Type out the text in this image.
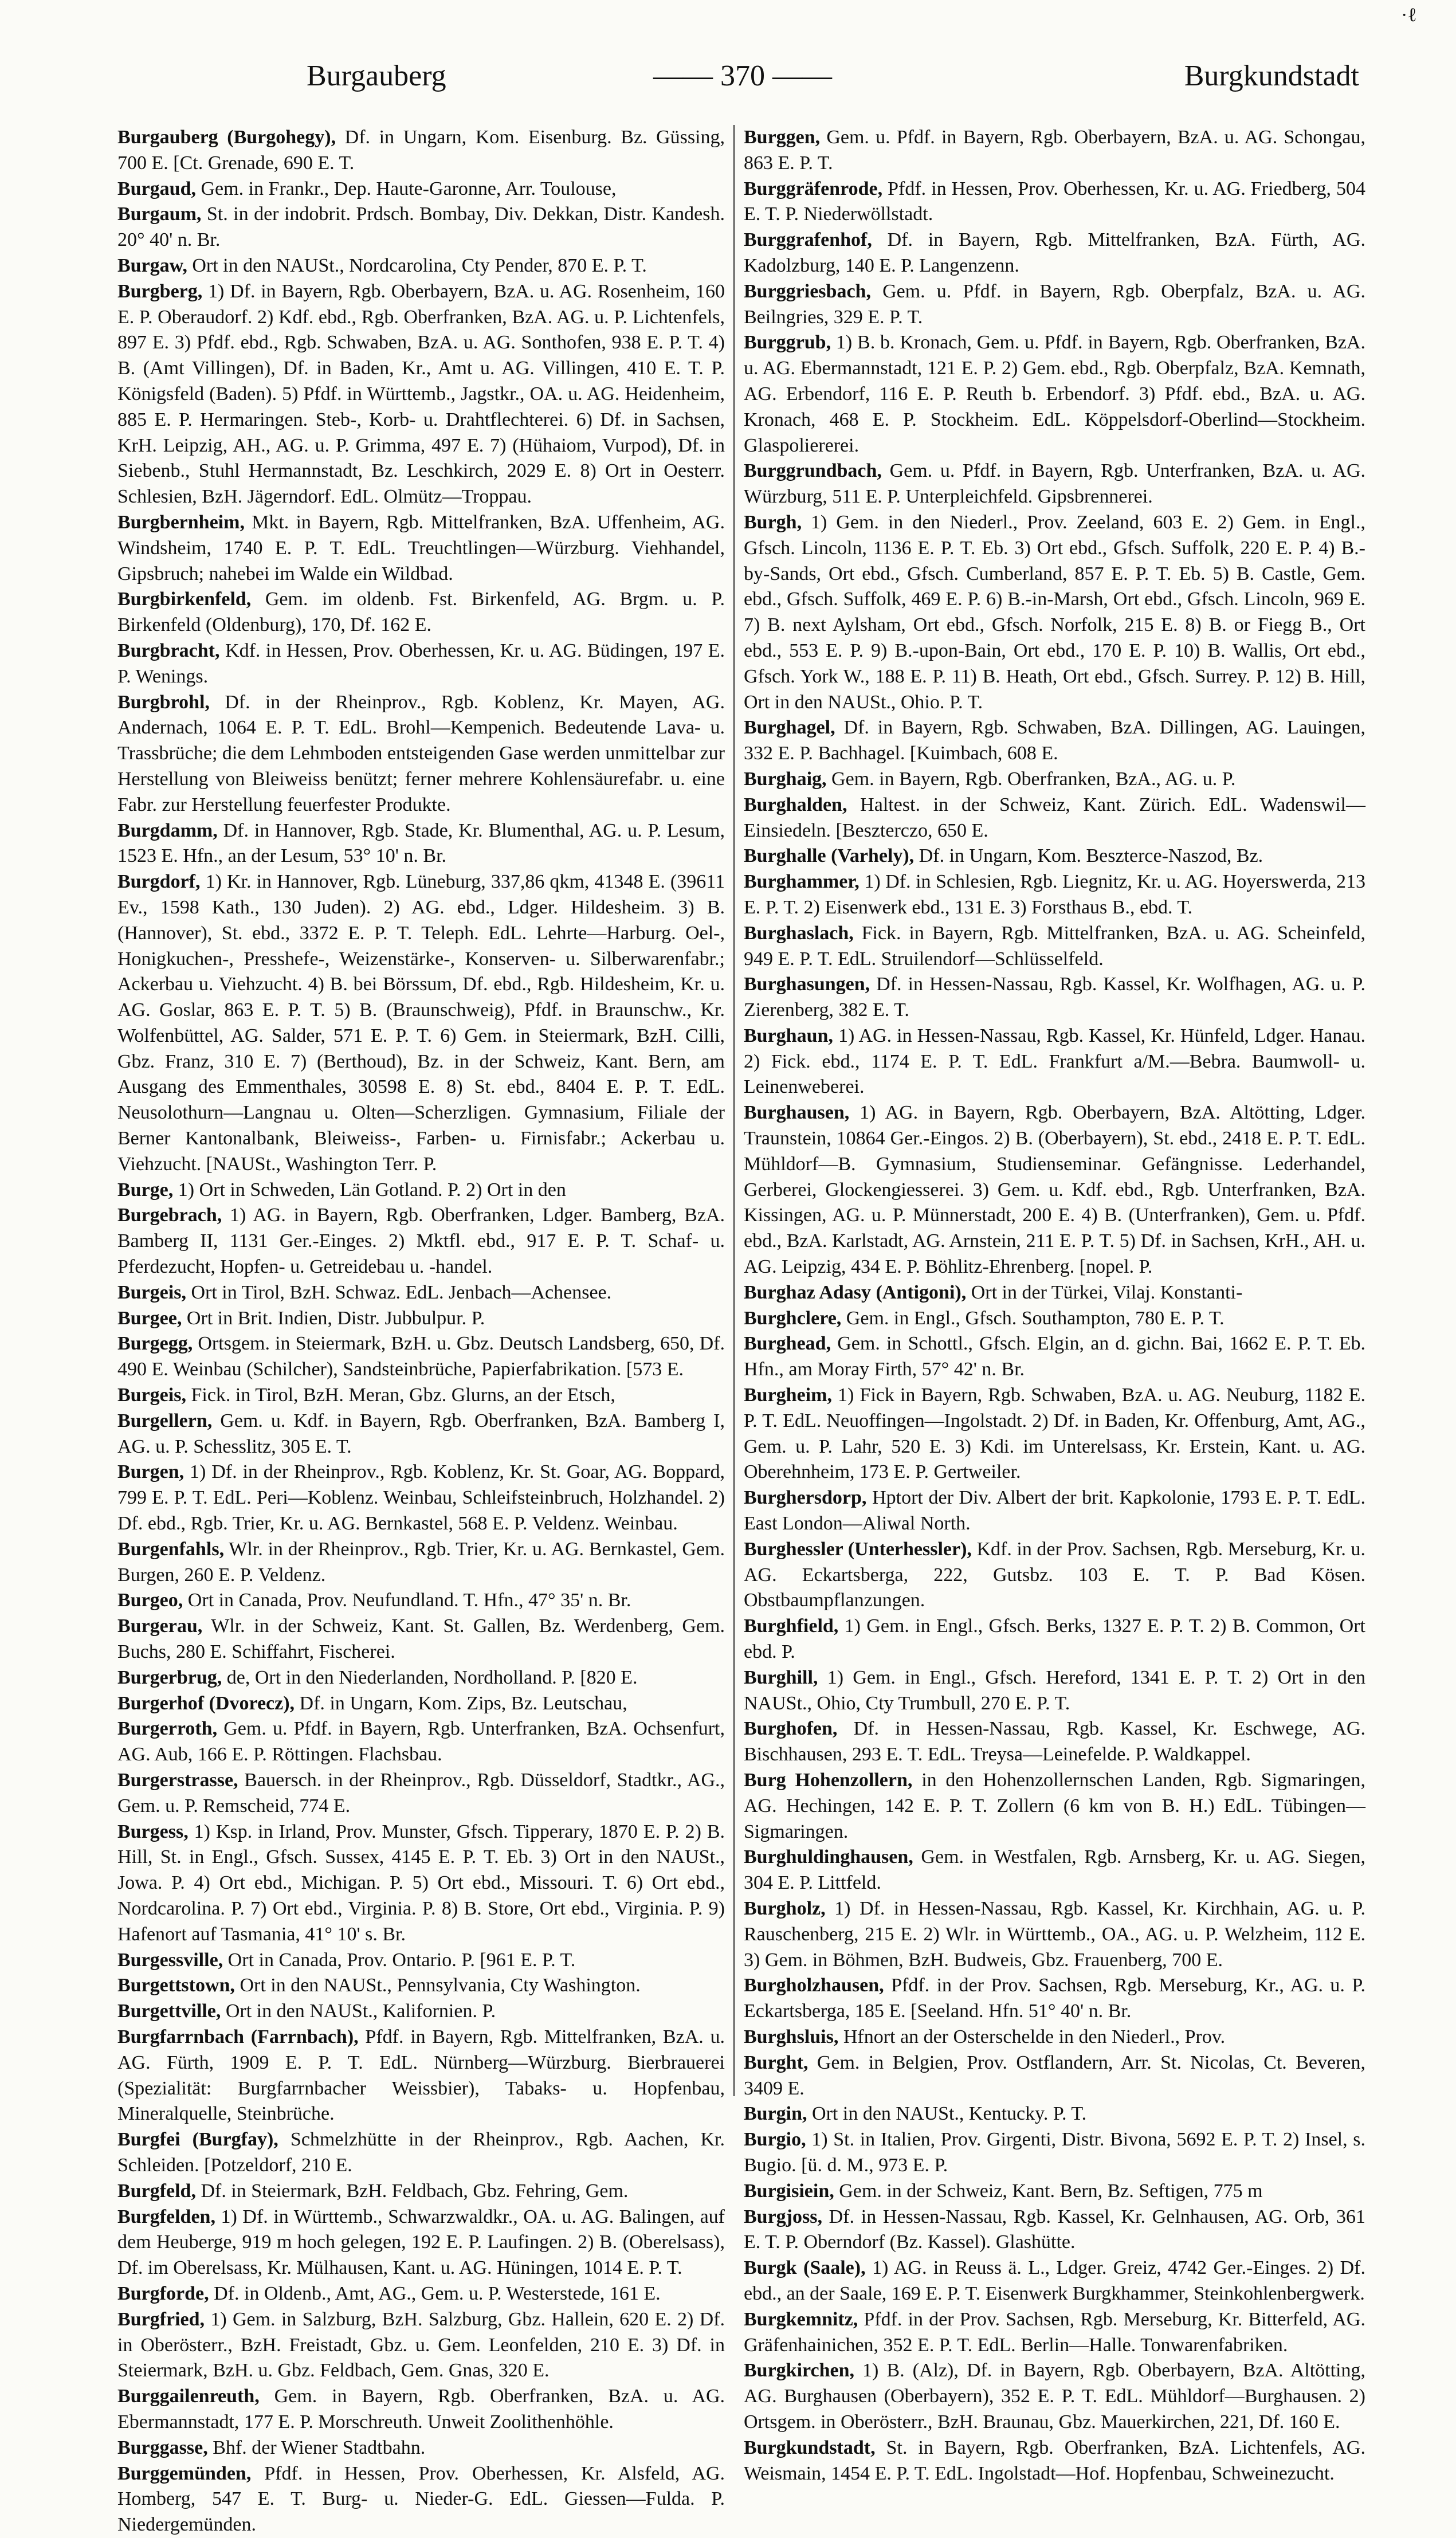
·ℓ
Burgauberg	—— 370 ——	Burgkundstadt

Burgauberg (Burgohegy), Df. in Ungarn, Kom. Eisenburg. Bz. Güssing, 700 E. [Ct. Grenade, 690 E. T.

Burgaud, Gem. in Frankr., Dep. Haute-Garonne, Arr. Toulouse,

Burgaum, St. in der indobrit. Prdsch. Bombay, Div. Dekkan, Distr. Kandesh. 20° 40' n. Br.

Burgaw, Ort in den NAUSt., Nordcarolina, Cty Pender, 870 E. P. T.

Burgberg, 1) Df. in Bayern, Rgb. Oberbayern, BzA. u. AG. Rosenheim, 160 E. P. Oberaudorf. 2) Kdf. ebd., Rgb. Oberfranken, BzA. AG. u. P. Lichtenfels, 897 E. 3) Pfdf. ebd., Rgb. Schwaben, BzA. u. AG. Sonthofen, 938 E. P. T. 4) B. (Amt Villingen), Df. in Baden, Kr., Amt u. AG. Villingen, 410 E. T. P. Königsfeld (Baden). 5) Pfdf. in Württemb., Jagstkr., OA. u. AG. Heidenheim, 885 E. P. Hermaringen. Steb-, Korb- u. Drahtflechterei. 6) Df. in Sachsen, KrH. Leipzig, AH., AG. u. P. Grimma, 497 E. 7) (Hühaiom, Vurpod), Df. in Siebenb., Stuhl Hermannstadt, Bz. Leschkirch, 2029 E. 8) Ort in Oesterr. Schlesien, BzH. Jägerndorf. EdL. Olmütz—Troppau.

Burgbernheim, Mkt. in Bayern, Rgb. Mittelfranken, BzA. Uffenheim, AG. Windsheim, 1740 E. P. T. EdL. Treuchtlingen—Würzburg. Viehhandel, Gipsbruch; nahebei im Walde ein Wildbad.

Burgbirkenfeld, Gem. im oldenb. Fst. Birkenfeld, AG. Brgm. u. P. Birkenfeld (Oldenburg), 170, Df. 162 E.

Burgbracht, Kdf. in Hessen, Prov. Oberhessen, Kr. u. AG. Büdingen, 197 E. P. Wenings.

Burgbrohl, Df. in der Rheinprov., Rgb. Koblenz, Kr. Mayen, AG. Andernach, 1064 E. P. T. EdL. Brohl—Kempenich. Bedeutende Lava- u. Trassbrüche; die dem Lehmboden entsteigenden Gase werden unmittelbar zur Herstellung von Bleiweiss benützt; ferner mehrere Kohlensäurefabr. u. eine Fabr. zur Herstellung feuerfester Produkte.

Burgdamm, Df. in Hannover, Rgb. Stade, Kr. Blumenthal, AG. u. P. Lesum, 1523 E. Hfn., an der Lesum, 53° 10' n. Br.

Burgdorf, 1) Kr. in Hannover, Rgb. Lüneburg, 337,86 qkm, 41348 E. (39611 Ev., 1598 Kath., 130 Juden). 2) AG. ebd., Ldger. Hildesheim. 3) B. (Hannover), St. ebd., 3372 E. P. T. Teleph. EdL. Lehrte—Harburg. Oel-, Honigkuchen-, Presshefe-, Weizenstärke-, Konserven- u. Silberwarenfabr.; Ackerbau u. Viehzucht. 4) B. bei Börssum, Df. ebd., Rgb. Hildesheim, Kr. u. AG. Goslar, 863 E. P. T. 5) B. (Braunschweig), Pfdf. in Braunschw., Kr. Wolfenbüttel, AG. Salder, 571 E. P. T. 6) Gem. in Steiermark, BzH. Cilli, Gbz. Franz, 310 E. 7) (Berthoud), Bz. in der Schweiz, Kant. Bern, am Ausgang des Emmenthales, 30598 E. 8) St. ebd., 8404 E. P. T. EdL. Neusolothurn—Langnau u. Olten—Scherzligen. Gymnasium, Filiale der Berner Kantonalbank, Bleiweiss-, Farben- u. Firnisfabr.; Ackerbau u. Viehzucht. [NAUSt., Washington Terr. P.

Burge, 1) Ort in Schweden, Län Gotland. P. 2) Ort in den

Burgebrach, 1) AG. in Bayern, Rgb. Oberfranken, Ldger. Bamberg, BzA. Bamberg II, 1131 Ger.-Einges. 2) Mktfl. ebd., 917 E. P. T. Schaf- u. Pferdezucht, Hopfen- u. Getreidebau u. -handel.

Burgeis, Ort in Tirol, BzH. Schwaz. EdL. Jenbach—Achensee.

Burgee, Ort in Brit. Indien, Distr. Jubbulpur. P.

Burgegg, Ortsgem. in Steiermark, BzH. u. Gbz. Deutsch Landsberg, 650, Df. 490 E. Weinbau (Schilcher), Sandsteinbrüche, Papierfabrikation. [573 E.

Burgeis, Fick. in Tirol, BzH. Meran, Gbz. Glurns, an der Etsch,

Burgellern, Gem. u. Kdf. in Bayern, Rgb. Oberfranken, BzA. Bamberg I, AG. u. P. Schesslitz, 305 E. T.

Burgen, 1) Df. in der Rheinprov., Rgb. Koblenz, Kr. St. Goar, AG. Boppard, 799 E. P. T. EdL. Peri—Koblenz. Weinbau, Schleifsteinbruch, Holzhandel. 2) Df. ebd., Rgb. Trier, Kr. u. AG. Bernkastel, 568 E. P. Veldenz. Weinbau.

Burgenfahls, Wlr. in der Rheinprov., Rgb. Trier, Kr. u. AG. Bernkastel, Gem. Burgen, 260 E. P. Veldenz.

Burgeo, Ort in Canada, Prov. Neufundland. T. Hfn., 47° 35' n. Br.

Burgerau, Wlr. in der Schweiz, Kant. St. Gallen, Bz. Werdenberg, Gem. Buchs, 280 E. Schiffahrt, Fischerei.

Burgerbrug, de, Ort in den Niederlanden, Nordholland. P. [820 E.

Burgerhof (Dvorecz), Df. in Ungarn, Kom. Zips, Bz. Leutschau,

Burgerroth, Gem. u. Pfdf. in Bayern, Rgb. Unterfranken, BzA. Ochsenfurt, AG. Aub, 166 E. P. Röttingen. Flachsbau.

Burgerstrasse, Bauersch. in der Rheinprov., Rgb. Düsseldorf, Stadtkr., AG., Gem. u. P. Remscheid, 774 E.

Burgess, 1) Ksp. in Irland, Prov. Munster, Gfsch. Tipperary, 1870 E. P. 2) B. Hill, St. in Engl., Gfsch. Sussex, 4145 E. P. T. Eb. 3) Ort in den NAUSt., Jowa. P. 4) Ort ebd., Michigan. P. 5) Ort ebd., Missouri. T. 6) Ort ebd., Nordcarolina. P. 7) Ort ebd., Virginia. P. 8) B. Store, Ort ebd., Virginia. P. 9) Hafenort auf Tasmania, 41° 10' s. Br.

Burgessville, Ort in Canada, Prov. Ontario. P. [961 E. P. T.

Burgettstown, Ort in den NAUSt., Pennsylvania, Cty Washington.

Burgettville, Ort in den NAUSt., Kalifornien. P.

Burgfarrnbach (Farrnbach), Pfdf. in Bayern, Rgb. Mittelfranken, BzA. u. AG. Fürth, 1909 E. P. T. EdL. Nürnberg—Würzburg. Bierbrauerei (Spezialität: Burgfarrnbacher Weissbier), Tabaks- u. Hopfenbau, Mineralquelle, Steinbrüche.

Burgfei (Burgfay), Schmelzhütte in der Rheinprov., Rgb. Aachen, Kr. Schleiden. [Potzeldorf, 210 E.

Burgfeld, Df. in Steiermark, BzH. Feldbach, Gbz. Fehring, Gem.

Burgfelden, 1) Df. in Württemb., Schwarzwaldkr., OA. u. AG. Balingen, auf dem Heuberge, 919 m hoch gelegen, 192 E. P. Laufingen. 2) B. (Oberelsass), Df. im Oberelsass, Kr. Mülhausen, Kant. u. AG. Hüningen, 1014 E. P. T.

Burgforde, Df. in Oldenb., Amt, AG., Gem. u. P. Westerstede, 161 E.

Burgfried, 1) Gem. in Salzburg, BzH. Salzburg, Gbz. Hallein, 620 E. 2) Df. in Oberösterr., BzH. Freistadt, Gbz. u. Gem. Leonfelden, 210 E. 3) Df. in Steiermark, BzH. u. Gbz. Feldbach, Gem. Gnas, 320 E.

Burggailenreuth, Gem. in Bayern, Rgb. Oberfranken, BzA. u. AG. Ebermannstadt, 177 E. P. Morschreuth. Unweit Zoolithenhöhle.

Burggasse, Bhf. der Wiener Stadtbahn.

Burggemünden, Pfdf. in Hessen, Prov. Oberhessen, Kr. Alsfeld, AG. Homberg, 547 E. T. Burg- u. Nieder-G. EdL. Giessen—Fulda. P. Niedergemünden.

Burggen, Gem. u. Pfdf. in Bayern, Rgb. Oberbayern, BzA. u. AG. Schongau, 863 E. P. T.

Burggräfenrode, Pfdf. in Hessen, Prov. Oberhessen, Kr. u. AG. Friedberg, 504 E. T. P. Niederwöllstadt.

Burggrafenhof, Df. in Bayern, Rgb. Mittelfranken, BzA. Fürth, AG. Kadolzburg, 140 E. P. Langenzenn.

Burggriesbach, Gem. u. Pfdf. in Bayern, Rgb. Oberpfalz, BzA. u. AG. Beilngries, 329 E. P. T.

Burggrub, 1) B. b. Kronach, Gem. u. Pfdf. in Bayern, Rgb. Oberfranken, BzA. u. AG. Ebermannstadt, 121 E. P. 2) Gem. ebd., Rgb. Oberpfalz, BzA. Kemnath, AG. Erbendorf, 116 E. P. Reuth b. Erbendorf. 3) Pfdf. ebd., BzA. u. AG. Kronach, 468 E. P. Stockheim. EdL. Köppelsdorf-Oberlind—Stockheim. Glaspoliererei.

Burggrundbach, Gem. u. Pfdf. in Bayern, Rgb. Unterfranken, BzA. u. AG. Würzburg, 511 E. P. Unterpleichfeld. Gipsbrennerei.

Burgh, 1) Gem. in den Niederl., Prov. Zeeland, 603 E. 2) Gem. in Engl., Gfsch. Lincoln, 1136 E. P. T. Eb. 3) Ort ebd., Gfsch. Suffolk, 220 E. P. 4) B.-by-Sands, Ort ebd., Gfsch. Cumberland, 857 E. P. T. Eb. 5) B. Castle, Gem. ebd., Gfsch. Suffolk, 469 E. P. 6) B.-in-Marsh, Ort ebd., Gfsch. Lincoln, 969 E. 7) B. next Aylsham, Ort ebd., Gfsch. Norfolk, 215 E. 8) B. or Fiegg B., Ort ebd., 553 E. P. 9) B.-upon-Bain, Ort ebd., 170 E. P. 10) B. Wallis, Ort ebd., Gfsch. York W., 188 E. P. 11) B. Heath, Ort ebd., Gfsch. Surrey. P. 12) B. Hill, Ort in den NAUSt., Ohio. P. T.

Burghagel, Df. in Bayern, Rgb. Schwaben, BzA. Dillingen, AG. Lauingen, 332 E. P. Bachhagel. [Kuimbach, 608 E.

Burghaig, Gem. in Bayern, Rgb. Oberfranken, BzA., AG. u. P.

Burghalden, Haltest. in der Schweiz, Kant. Zürich. EdL. Wadenswil—Einsiedeln. [Beszterczo, 650 E.

Burghalle (Varhely), Df. in Ungarn, Kom. Beszterce-Naszod, Bz.

Burghammer, 1) Df. in Schlesien, Rgb. Liegnitz, Kr. u. AG. Hoyerswerda, 213 E. P. T. 2) Eisenwerk ebd., 131 E. 3) Forsthaus B., ebd. T.

Burghaslach, Fick. in Bayern, Rgb. Mittelfranken, BzA. u. AG. Scheinfeld, 949 E. P. T. EdL. Struilendorf—Schlüsselfeld.

Burghasungen, Df. in Hessen-Nassau, Rgb. Kassel, Kr. Wolfhagen, AG. u. P. Zierenberg, 382 E. T.

Burghaun, 1) AG. in Hessen-Nassau, Rgb. Kassel, Kr. Hünfeld, Ldger. Hanau. 2) Fick. ebd., 1174 E. P. T. EdL. Frankfurt a/M.—Bebra. Baumwoll- u. Leinenweberei.

Burghausen, 1) AG. in Bayern, Rgb. Oberbayern, BzA. Altötting, Ldger. Traunstein, 10864 Ger.-Eingos. 2) B. (Oberbayern), St. ebd., 2418 E. P. T. EdL. Mühldorf—B. Gymnasium, Studienseminar. Gefängnisse. Lederhandel, Gerberei, Glockengiesserei. 3) Gem. u. Kdf. ebd., Rgb. Unterfranken, BzA. Kissingen, AG. u. P. Münnerstadt, 200 E. 4) B. (Unterfranken), Gem. u. Pfdf. ebd., BzA. Karlstadt, AG. Arnstein, 211 E. P. T. 5) Df. in Sachsen, KrH., AH. u. AG. Leipzig, 434 E. P. Böhlitz-Ehrenberg. [nopel. P.

Burghaz Adasy (Antigoni), Ort in der Türkei, Vilaj. Konstanti-

Burghclere, Gem. in Engl., Gfsch. Southampton, 780 E. P. T.

Burghead, Gem. in Schottl., Gfsch. Elgin, an d. gichn. Bai, 1662 E. P. T. Eb. Hfn., am Moray Firth, 57° 42' n. Br.

Burgheim, 1) Fick in Bayern, Rgb. Schwaben, BzA. u. AG. Neuburg, 1182 E. P. T. EdL. Neuoffingen—Ingolstadt. 2) Df. in Baden, Kr. Offenburg, Amt, AG., Gem. u. P. Lahr, 520 E. 3) Kdi. im Unterelsass, Kr. Erstein, Kant. u. AG. Oberehnheim, 173 E. P. Gertweiler.

Burghersdorp, Hptort der Div. Albert der brit. Kapkolonie, 1793 E. P. T. EdL. East London—Aliwal North.

Burghessler (Unterhessler), Kdf. in der Prov. Sachsen, Rgb. Merseburg, Kr. u. AG. Eckartsberga, 222, Gutsbz. 103 E. T. P. Bad Kösen. Obstbaumpflanzungen.

Burghfield, 1) Gem. in Engl., Gfsch. Berks, 1327 E. P. T. 2) B. Common, Ort ebd. P.

Burghill, 1) Gem. in Engl., Gfsch. Hereford, 1341 E. P. T. 2) Ort in den NAUSt., Ohio, Cty Trumbull, 270 E. P. T.

Burghofen, Df. in Hessen-Nassau, Rgb. Kassel, Kr. Eschwege, AG. Bischhausen, 293 E. T. EdL. Treysa—Leinefelde. P. Waldkappel.

Burg Hohenzollern, in den Hohenzollernschen Landen, Rgb. Sigmaringen, AG. Hechingen, 142 E. P. T. Zollern (6 km von B. H.) EdL. Tübingen—Sigmaringen.

Burghuldinghausen, Gem. in Westfalen, Rgb. Arnsberg, Kr. u. AG. Siegen, 304 E. P. Littfeld.

Burgholz, 1) Df. in Hessen-Nassau, Rgb. Kassel, Kr. Kirchhain, AG. u. P. Rauschenberg, 215 E. 2) Wlr. in Württemb., OA., AG. u. P. Welzheim, 112 E. 3) Gem. in Böhmen, BzH. Budweis, Gbz. Frauenberg, 700 E.

Burgholzhausen, Pfdf. in der Prov. Sachsen, Rgb. Merseburg, Kr., AG. u. P. Eckartsberga, 185 E. [Seeland. Hfn. 51° 40' n. Br.

Burghsluis, Hfnort an der Osterschelde in den Niederl., Prov.

Burght, Gem. in Belgien, Prov. Ostflandern, Arr. St. Nicolas, Ct. Beveren, 3409 E.

Burgin, Ort in den NAUSt., Kentucky. P. T.

Burgio, 1) St. in Italien, Prov. Girgenti, Distr. Bivona, 5692 E. P. T. 2) Insel, s. Bugio. [ü. d. M., 973 E. P.

Burgisiein, Gem. in der Schweiz, Kant. Bern, Bz. Seftigen, 775 m

Burgjoss, Df. in Hessen-Nassau, Rgb. Kassel, Kr. Gelnhausen, AG. Orb, 361 E. T. P. Oberndorf (Bz. Kassel). Glashütte.

Burgk (Saale), 1) AG. in Reuss ä. L., Ldger. Greiz, 4742 Ger.-Einges. 2) Df. ebd., an der Saale, 169 E. P. T. Eisenwerk Burgkhammer, Steinkohlenbergwerk.

Burgkemnitz, Pfdf. in der Prov. Sachsen, Rgb. Merseburg, Kr. Bitterfeld, AG. Gräfenhainichen, 352 E. P. T. EdL. Berlin—Halle. Tonwarenfabriken.

Burgkirchen, 1) B. (Alz), Df. in Bayern, Rgb. Oberbayern, BzA. Altötting, AG. Burghausen (Oberbayern), 352 E. P. T. EdL. Mühldorf—Burghausen. 2) Ortsgem. in Oberösterr., BzH. Braunau, Gbz. Mauerkirchen, 221, Df. 160 E.

Burgkundstadt, St. in Bayern, Rgb. Oberfranken, BzA. Lichtenfels, AG. Weismain, 1454 E. P. T. EdL. Ingolstadt—Hof. Hopfenbau, Schweinezucht.
